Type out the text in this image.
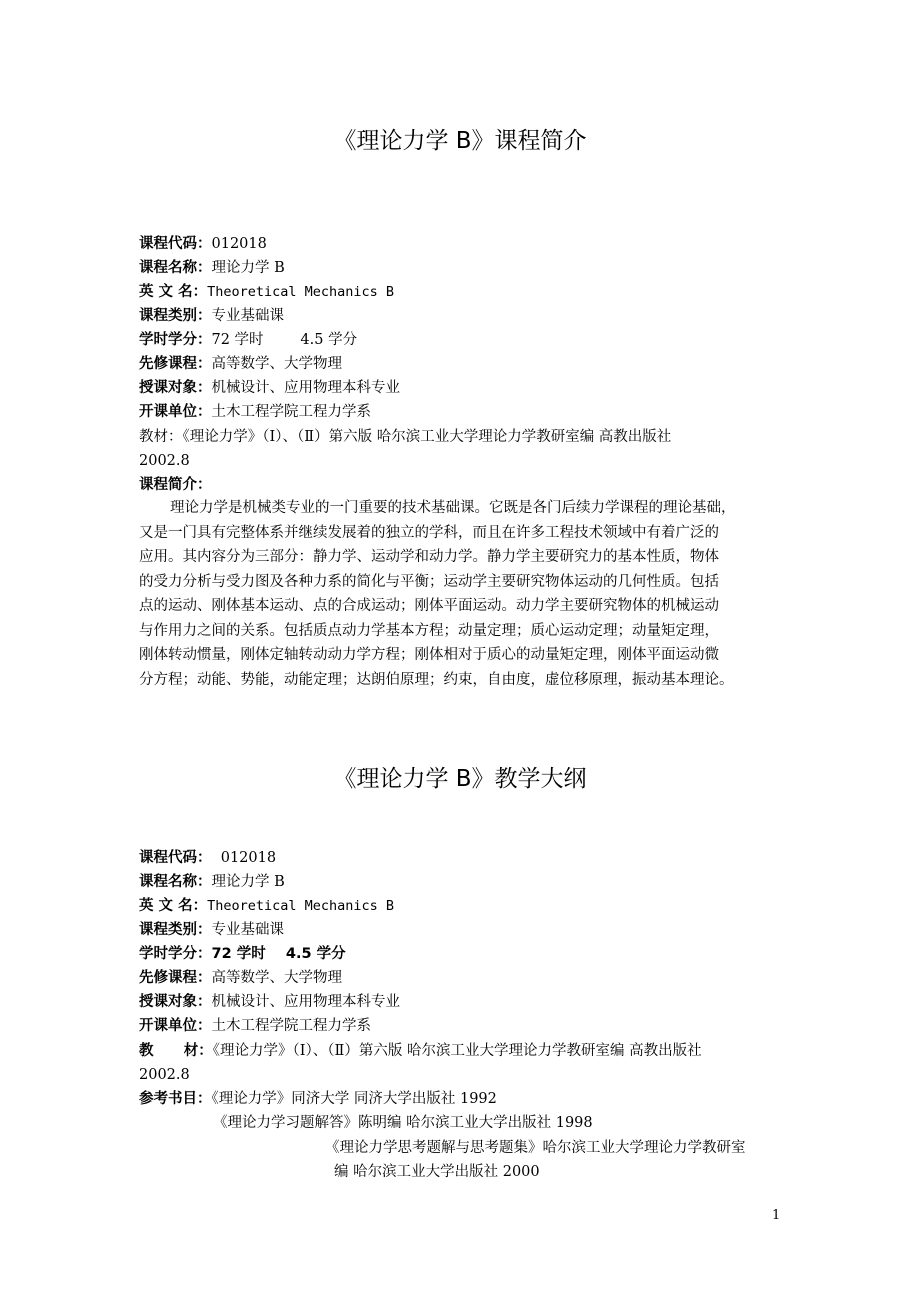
《理论力学 B》课程简介
课程代码：012018
课程名称：理论力学 B
英 文 名：Theoretical Mechanics B
课程类别：专业基础课
学时学分：72 学时        4.5 学分
先修课程：高等数学、大学物理
授课对象：机械设计、应用物理本科专业
开课单位：土木工程学院工程力学系
教材：《理论力学》（Ⅰ）、（Ⅱ）第六版 哈尔滨工业大学理论力学教研室编 高教出版社
2002.8
课程简介：
理论力学是机械类专业的一门重要的技术基础课。它既是各门后续力学课程的理论基础，
又是一门具有完整体系并继续发展着的独立的学科，而且在许多工程技术领域中有着广泛的
应用。其内容分为三部分：静力学、运动学和动力学。静力学主要研究力的基本性质，物体
的受力分析与受力图及各种力系的简化与平衡；运动学主要研究物体运动的几何性质。包括
点的运动、刚体基本运动、点的合成运动；刚体平面运动。动力学主要研究物体的机械运动
与作用力之间的关系。包括质点动力学基本方程；动量定理；质心运动定理；动量矩定理，
刚体转动惯量，刚体定轴转动动力学方程；刚体相对于质心的动量矩定理，刚体平面运动微
分方程；动能、势能，动能定理；达朗伯原理；约束，自由度，虚位移原理，振动基本理论。
《理论力学 B》教学大纲
课程代码：  012018
课程名称：理论力学 B
英 文 名：Theoretical Mechanics B
课程类别：专业基础课
学时学分：72 学时    4.5 学分
先修课程：高等数学、大学物理
授课对象：机械设计、应用物理本科专业
开课单位：土木工程学院工程力学系
教      材：《理论力学》（Ⅰ）、（Ⅱ）第六版 哈尔滨工业大学理论力学教研室编 高教出版社
2002.8
参考书目：《理论力学》同济大学 同济大学出版社 1992
《理论力学习题解答》陈明编 哈尔滨工业大学出版社 1998
《理论力学思考题解与思考题集》哈尔滨工业大学理论力学教研室
编 哈尔滨工业大学出版社 2000
1
